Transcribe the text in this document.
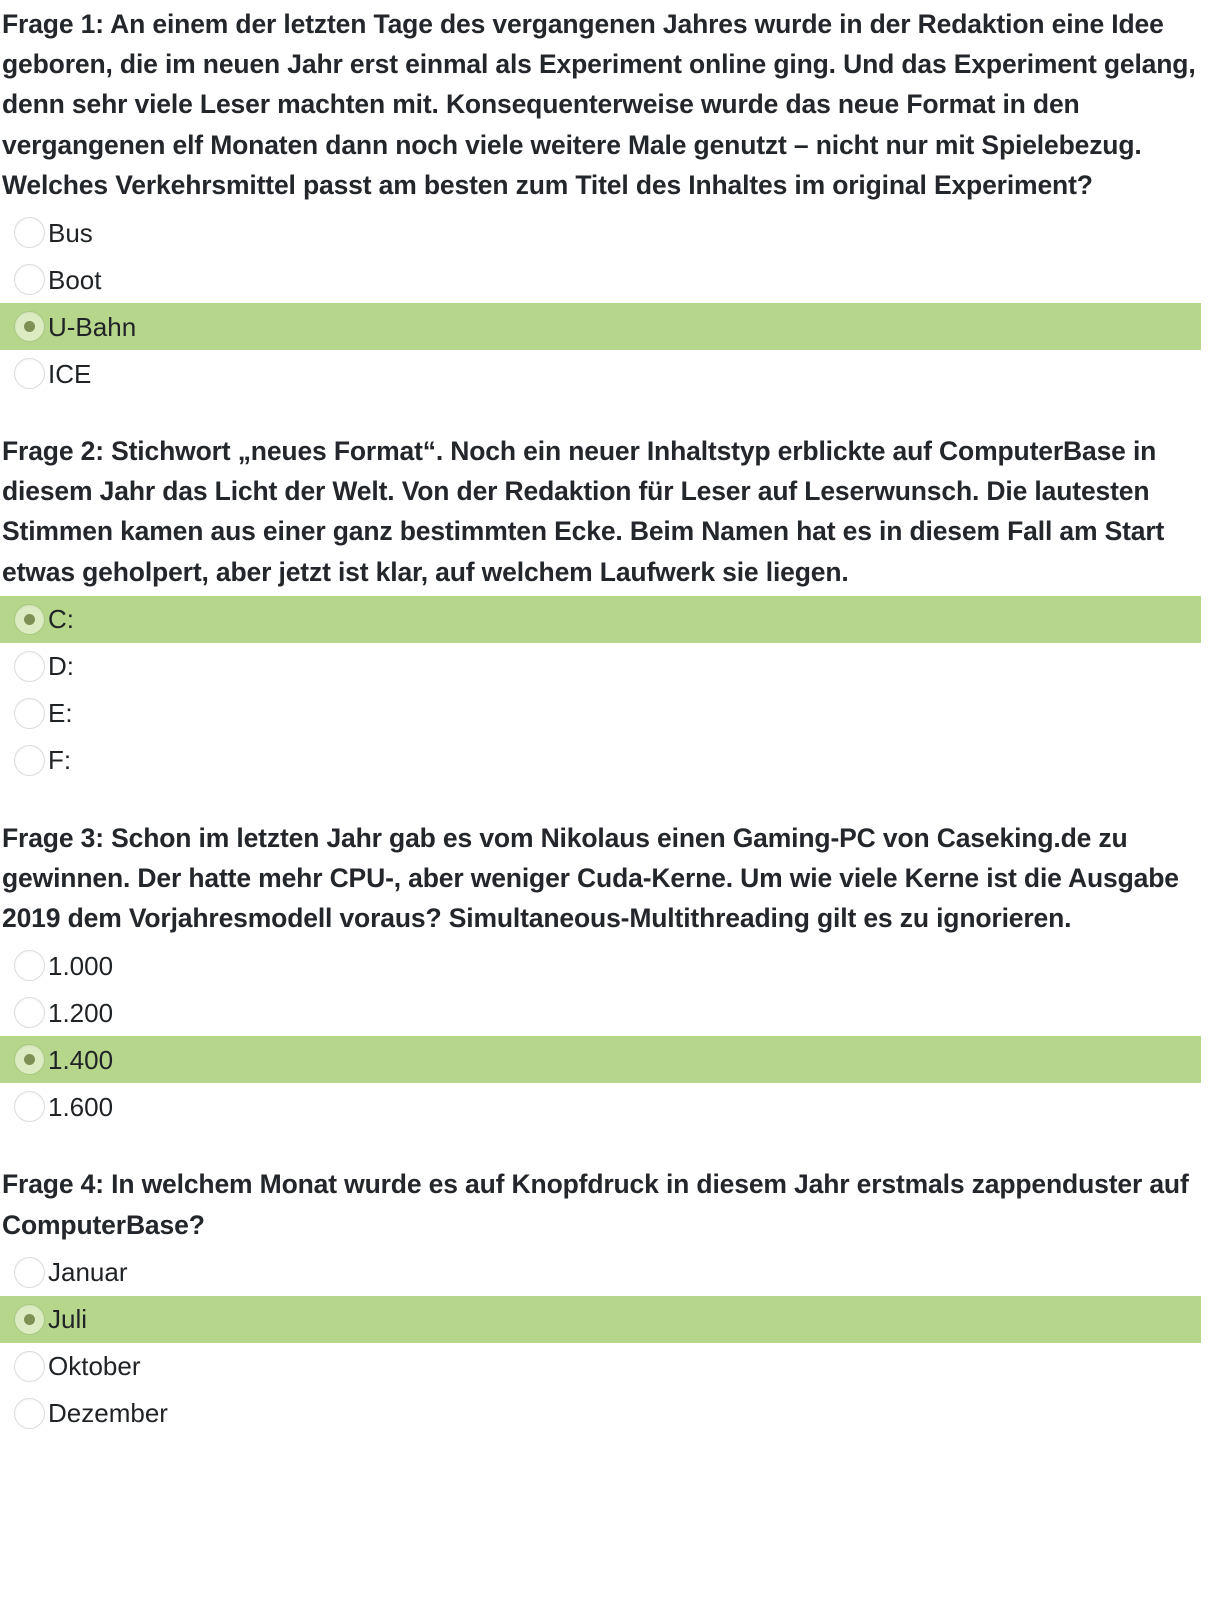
Frage 1: An einem der letzten Tage des vergangenen Jahres wurde in der Redaktion eine Idee geboren, die im neuen Jahr erst einmal als Experiment online ging. Und das Experiment gelang, denn sehr viele Leser machten mit. Konsequenterweise wurde das neue Format in den vergangenen elf Monaten dann noch viele weitere Male genutzt – nicht nur mit Spielebezug. Welches Verkehrsmittel passt am besten zum Titel des Inhaltes im original Experiment?

Bus
Boot
U-Bahn
ICE

Frage 2: Stichwort „neues Format“. Noch ein neuer Inhaltstyp erblickte auf ComputerBase in diesem Jahr das Licht der Welt. Von der Redaktion für Leser auf Leserwunsch. Die lautesten Stimmen kamen aus einer ganz bestimmten Ecke. Beim Namen hat es in diesem Fall am Start etwas geholpert, aber jetzt ist klar, auf welchem Laufwerk sie liegen.

C:
D:
E:
F:

Frage 3: Schon im letzten Jahr gab es vom Nikolaus einen Gaming-PC von Caseking.de zu gewinnen. Der hatte mehr CPU-, aber weniger Cuda-Kerne. Um wie viele Kerne ist die Ausgabe 2019 dem Vorjahresmodell voraus? Simultaneous-Multithreading gilt es zu ignorieren.

1.000
1.200
1.400
1.600

Frage 4: In welchem Monat wurde es auf Knopfdruck in diesem Jahr erstmals zappenduster auf ComputerBase?

Januar
Juli
Oktober
Dezember
